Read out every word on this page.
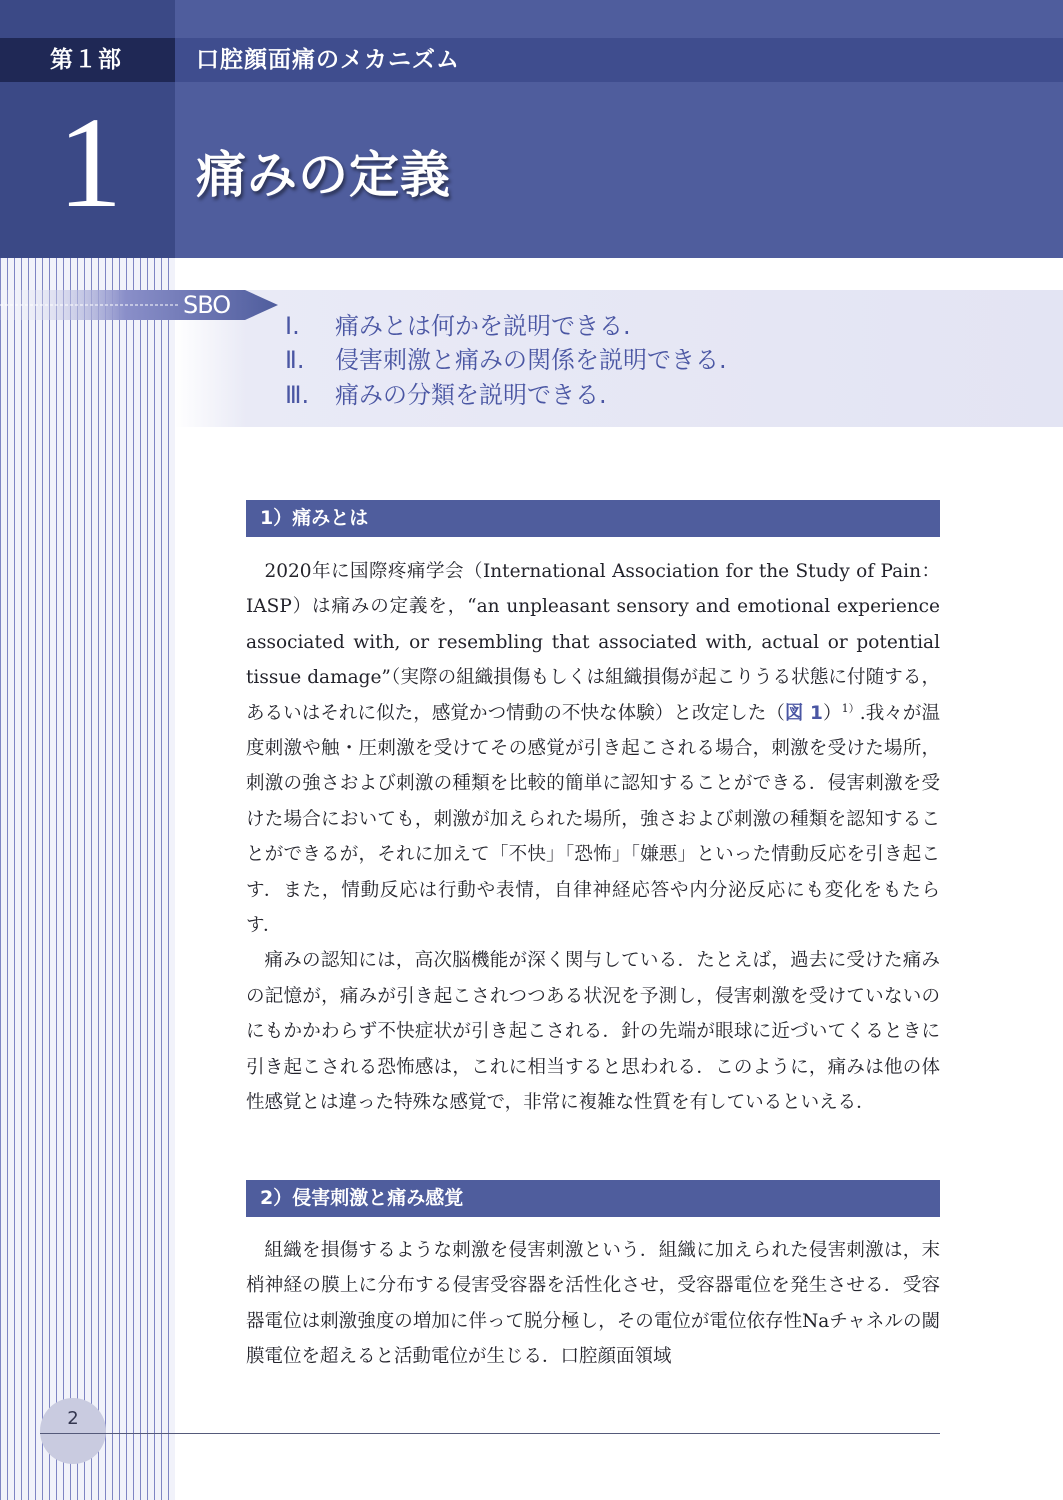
第１部	口腔顔面痛のメカニズム
1	痛みの定義
SBO
Ⅰ. 痛みとは何かを説明できる.
Ⅱ. 侵害刺激と痛みの関係を説明できる.
Ⅲ. 痛みの分類を説明できる.
1）痛みとは

2020年に国際疼痛学会（International Association for the Study of Pain：IASP）は痛みの定義を，“an unpleasant sensory and emotional experience associated with, or resembling that associated with, actual or potential tissue damage”（実際の組織損傷もしくは組織損傷が起こりうる状態に付随する，あるいはそれに似た，感覚かつ情動の不快な体験）と改定した（図 1）$^{1)}$.我々が温度刺激や触・圧刺激を受けてその感覚が引き起こされる場合，刺激を受けた場所，刺激の強さおよび刺激の種類を比較的簡単に認知することができる．侵害刺激を受けた場合においても，刺激が加えられた場所，強さおよび刺激の種類を認知することができるが，それに加えて「不快」「恐怖」「嫌悪」といった情動反応を引き起こす．また，情動反応は行動や表情，自律神経応答や内分泌反応にも変化をもたらす．

痛みの認知には，高次脳機能が深く関与している．たとえば，過去に受けた痛みの記憶が，痛みが引き起こされつつある状況を予測し，侵害刺激を受けていないのにもかかわらず不快症状が引き起こされる．針の先端が眼球に近づいてくるときに引き起こされる恐怖感は，これに相当すると思われる．このように，痛みは他の体性感覚とは違った特殊な感覚で，非常に複雑な性質を有しているといえる．

2）侵害刺激と痛み感覚

組織を損傷するような刺激を侵害刺激という．組織に加えられた侵害刺激は，末梢神経の膜上に分布する侵害受容器を活性化させ，受容器電位を発生させる．受容器電位は刺激強度の増加に伴って脱分極し，その電位が電位依存性Naチャネルの閾膜電位を超えると活動電位が生じる．口腔顔面領域

2
